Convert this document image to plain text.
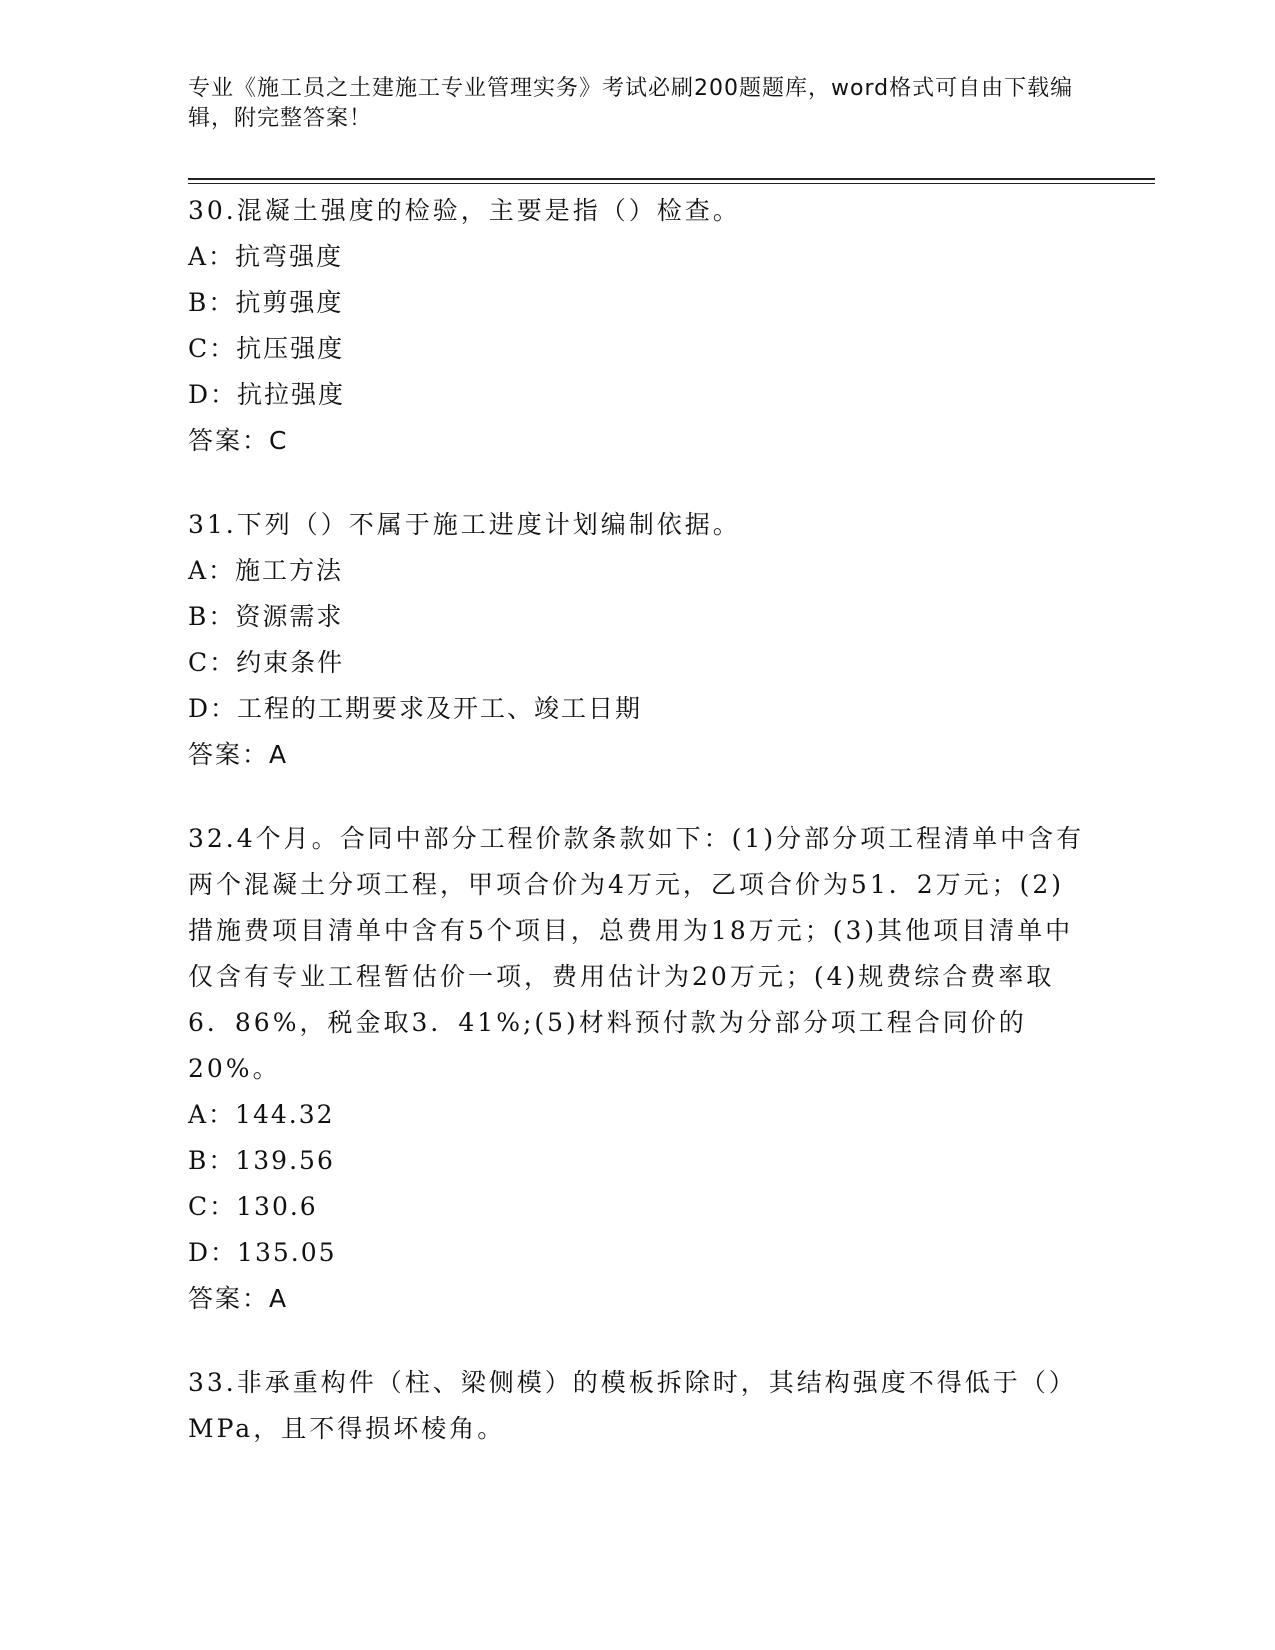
专业《施工员之土建施工专业管理实务》考试必刷200题题库，word格式可自由下载编辑，附完整答案！
30.混凝土强度的检验，主要是指（）检查。
A：抗弯强度
B：抗剪强度
C：抗压强度
D：抗拉强度
答案：C
31.下列（）不属于施工进度计划编制依据。
A：施工方法
B：资源需求
C：约束条件
D：工程的工期要求及开工、竣工日期
答案：A
32.4个月。合同中部分工程价款条款如下：(1)分部分项工程清单中含有两个混凝土分项工程，甲项合价为4万元，乙项合价为51．2万元；(2)措施费项目清单中含有5个项目，总费用为18万元；(3)其他项目清单中仅含有专业工程暂估价一项，费用估计为20万元；(4)规费综合费率取6．86%，税金取3．41%;(5)材料预付款为分部分项工程合同价的20%。
A：144.32
B：139.56
C：130.6
D：135.05
答案：A
33.非承重构件（柱、梁侧模）的模板拆除时，其结构强度不得低于（）MPa，且不得损坏棱角。
